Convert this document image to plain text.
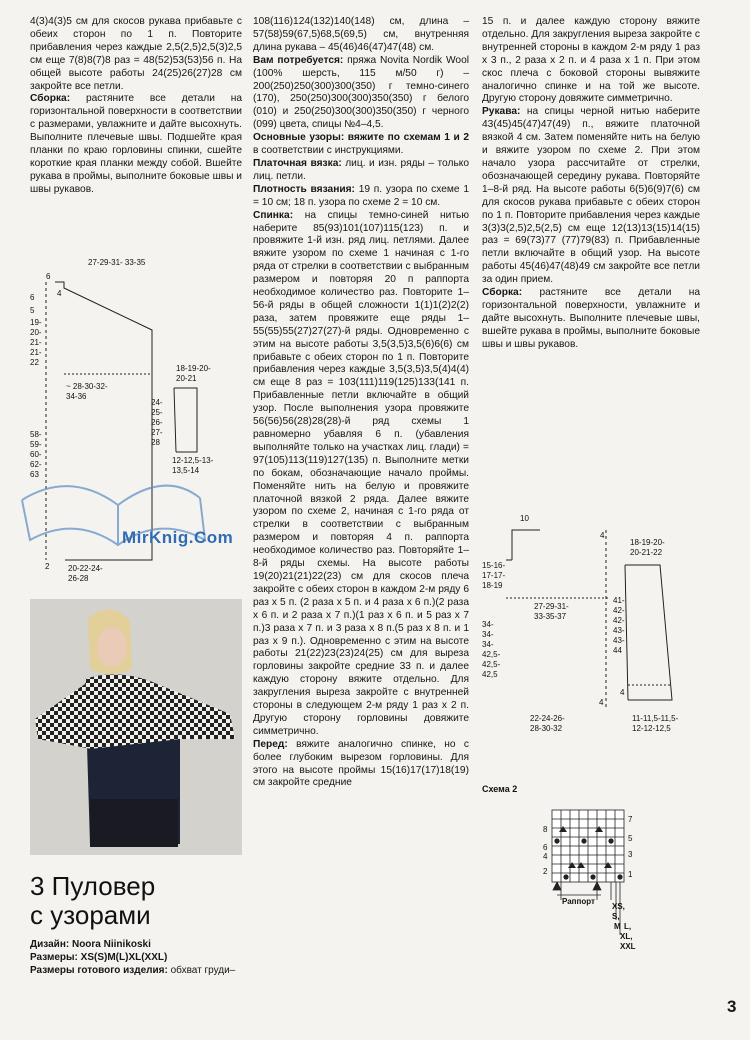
4(3)4(3)5 см для скосов рукава прибавьте с обеих сторон по 1 п. Повторите прибавления через каждые 2,5(2,5)2,5(3)2,5 см еще 7(8)8(7)8 раз = 48(52)53(53)56 п. На общей высоте работы 24(25)26(27)28 см закройте все петли.

Сборка: растяните все детали на горизонтальной поверхности в соответствии с размерами, увлажните и дайте высохнуть. Выполните плечевые швы. Подшейте края планки по краю горловины спинки, сшейте короткие края планки между собой. Вшейте рукава в проймы, выполните боковые швы и швы рукавов.

27-29-31- 33-35
6
4
6
5
19-
20-
21-
21-
22
~ 28-30-32-
34-36
58-
59-
60-
62-
63
18-19-20-
20-21
24-
25-
26-
27-
28
12-12,5-13-
13,5-14
2 20-22-24-
26-28
MirKnig.Com
3 Пуловер
с узорами
Дизайн: Noora Niinikoski
Размеры: XS(S)M(L)XL(XXL)
Размеры готового изделия: обхват груди–

108(116)124(132)140(148) см, длина – 57(58)59(67,5)68,5(69,5) см, внутренняя длина рукава – 45(46)46(47)47(48) см.

Вам потребуется: пряжа Novita Nordik Wool (100% шерсть, 115 м/50 г) – 200(250)250(300)300(350) г темно-синего (170), 250(250)300(300)350(350) г белого (010) и 250(250)300(300)350(350) г черного (099) цвета, спицы №4–4,5.

Основные узоры: вяжите по схемам 1 и 2 в соответствии с инструкциями.

Платочная вязка: лиц. и изн. ряды – только лиц. петли.

Плотность вязания: 19 п. узора по схеме 1 = 10 см; 18 п. узора по схеме 2 = 10 см.

Спинка: на спицы темно-синей нитью наберите 85(93)101(107)115(123) п. и провяжите 1-й изн. ряд лиц. петлями. Далее вяжите узором по схеме 1 начиная с 1-го ряда от стрелки в соответствии с выбранным размером и повторяя 20 п раппорта необходимое количество раз. Повторите 1–56-й ряды в общей сложности 1(1)1(2)2(2) раза, затем провяжите еще ряды 1–55(55)55(27)27(27)-й ряды. Одновременно с этим на высоте работы 3,5(3,5)3,5(6)6(6) см прибавьте с обеих сторон по 1 п. Повторите прибавления через каждые 3,5(3,5)3,5(4)4(4) см еще 8 раз = 103(111)119(125)133(141 п. Прибавленные петли включайте в общий узор. После выполнения узора провяжите 56(56)56(28)28(28)-й ряд схемы 1 равномерно убавляя 6 п. (убавления выполняйте только на участках лиц. глади) = 97(105)113(119)127(135) п. Выполните метки по бокам, обозначающие начало проймы. Поменяйте нить на белую и провяжите платочной вязкой 2 ряда. Далее вяжите узором по схеме 2, начиная с 1-го ряда от стрелки в соответствии с выбранным размером и повторяя 4 п. раппорта необходимое количество раз. Повторяйте 1–8-й ряды схемы. На высоте работы 19(20)21(21)22(23) см для скосов плеча закройте с обеих сторон в каждом 2-м ряду 6 раз х 5 п. (2 раза х 5 п. и 4 раза х 6 п.)(2 раза х 6 п. и 2 раза х 7 п.)(1 раз х 6 п. и 5 раз х 7 п.)3 раза х 7 п. и 3 раза х 8 п.(5 раз х 8 п. и 1 раз х 9 п.). Одновременно с этим на высоте работы 21(22)23(23)24(25) см для выреза горловины закройте средние 33 п. и далее каждую сторону вяжите отдельно. Для закругления выреза закройте с внутренней стороны в следующем 2-м ряду 1 раз х 2 п. Другую сторону горловины довяжите симметрично.

Перед: вяжите аналогично спинке, но с более глубоким вырезом горловины. Для этого на высоте проймы 15(16)17(17)18(19) см закройте средние

15 п. и далее каждую сторону вяжите отдельно. Для закругления выреза закройте с внутренней стороны в каждом 2-м ряду 1 раз х 3 п., 2 раза х 2 п. и 4 раза х 1 п. При этом скос плеча с боковой стороны вывяжите аналогично спинке и на той же высоте. Другую сторону довяжите симметрично.

Рукава: на спицы черной нитью наберите 43(45)45(47)47(49) п., вяжите платочной вязкой 4 см. Затем поменяйте нить на белую и вяжите узором по схеме 2. При этом начало узора рассчитайте от стрелки, обозначающей середину рукава. Повторяйте 1–8-й ряд. На высоте работы 6(5)6(9)7(6) см для скосов рукава прибавьте с обеих сторон по 1 п. Повторите прибавления через каждые 3(3)3(2,5)2,5(2,5) см еще 12(13)13(15)14(15) раз = 69(73)77 (77)79(83) п. Прибавленные петли включайте в общий узор. На высоте работы 45(46)47(48)49 см закройте все петли за один прием.

Сборка: растяните все детали на горизонтальной поверхности, увлажните и дайте высохнуть. Выполните плечевые швы, вшейте рукава в проймы, выполните боковые швы и швы рукавов.

10
4
15-16-
17-17-
18-19
27-29-31-
33-35-37
34-
34-
34-
42,5-
42,5-
42,5
4
22-24-26-
28-30-32
18-19-20-
20-21-22
41-
42-
42-
43-
43-
44
4
11-11,5-11,5-
12-12-12,5
Схема 2
8
6
4
2
7
5
3
1
Раппорт
XS,
S,
M L,
XL,
XXL
3
